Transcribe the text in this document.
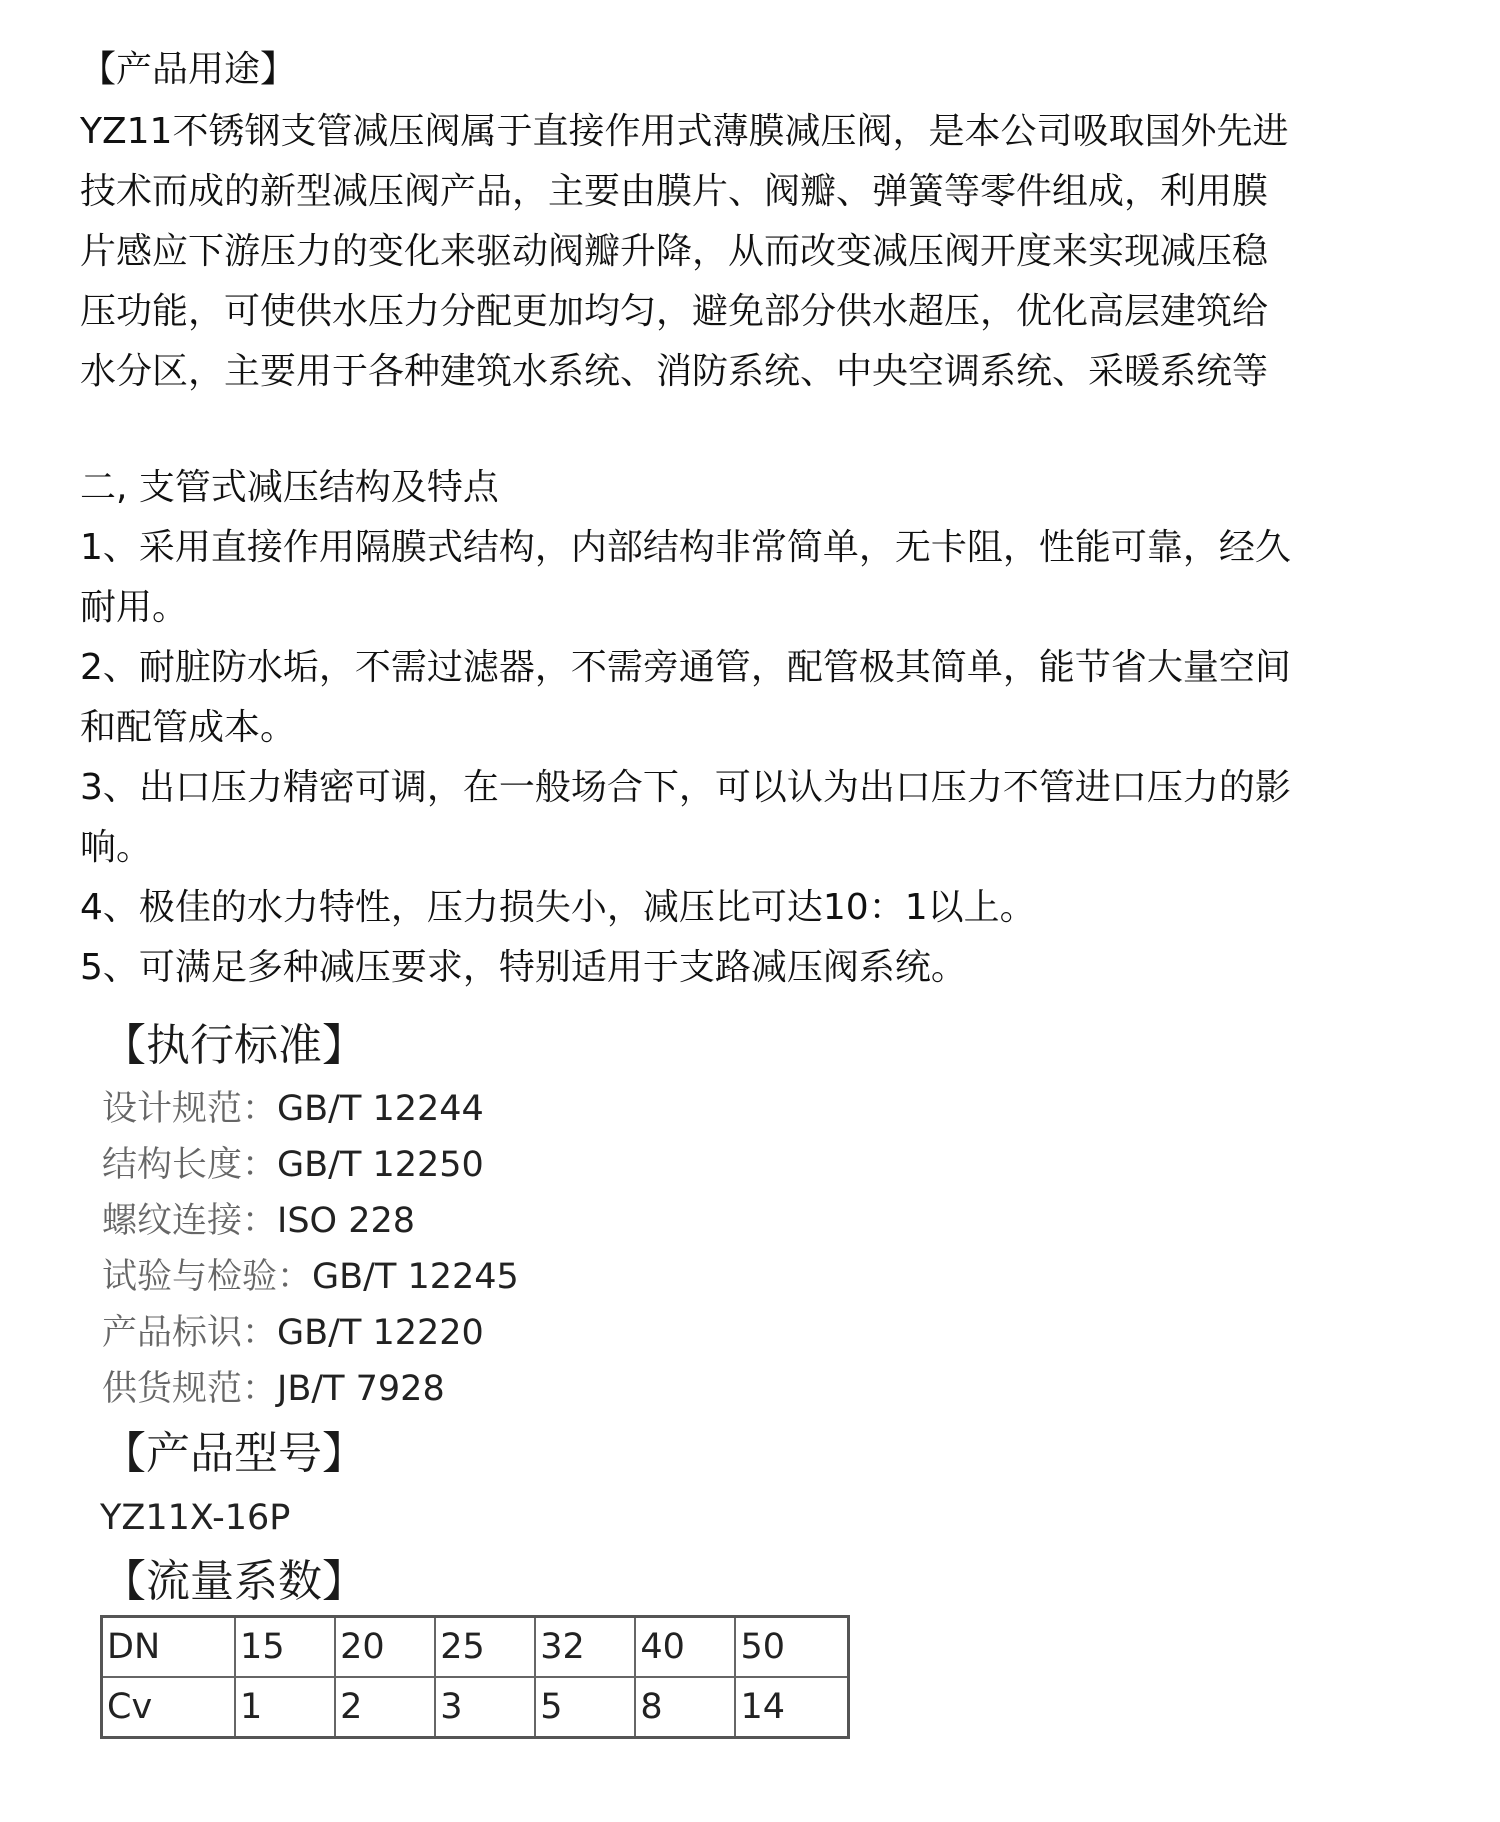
【产品用途】

YZ11不锈钢支管减压阀属于直接作用式薄膜减压阀，是本公司吸取国外先进

技术而成的新型减压阀产品，主要由膜片、阀瓣、弹簧等零件组成，利用膜

片感应下游压力的变化来驱动阀瓣升降，从而改变减压阀开度来实现减压稳

压功能，可使供水压力分配更加均匀，避免部分供水超压，优化高层建筑给

水分区，主要用于各种建筑水系统、消防系统、中央空调系统、采暖系统等

二, 支管式减压结构及特点

1、采用直接作用隔膜式结构，内部结构非常简单，无卡阻，性能可靠，经久

耐用。

2、耐脏防水垢，不需过滤器，不需旁通管，配管极其简单，能节省大量空间

和配管成本。

3、出口压力精密可调，在一般场合下，可以认为出口压力不管进口压力的影

响。

4、极佳的水力特性，压力损失小，减压比可达10：1以上。

5、可满足多种减压要求，特别适用于支路减压阀系统。

【执行标准】
设计规范：GB/T 12244
结构长度：GB/T 12250
螺纹连接：ISO 228
试验与检验：GB/T 12245
产品标识：GB/T 12220
供货规范：JB/T 7928
【产品型号】
YZ11X-16P
【流量系数】
DN	15	20	25	32	40	50
Cv	1	2	3	5	8	14
